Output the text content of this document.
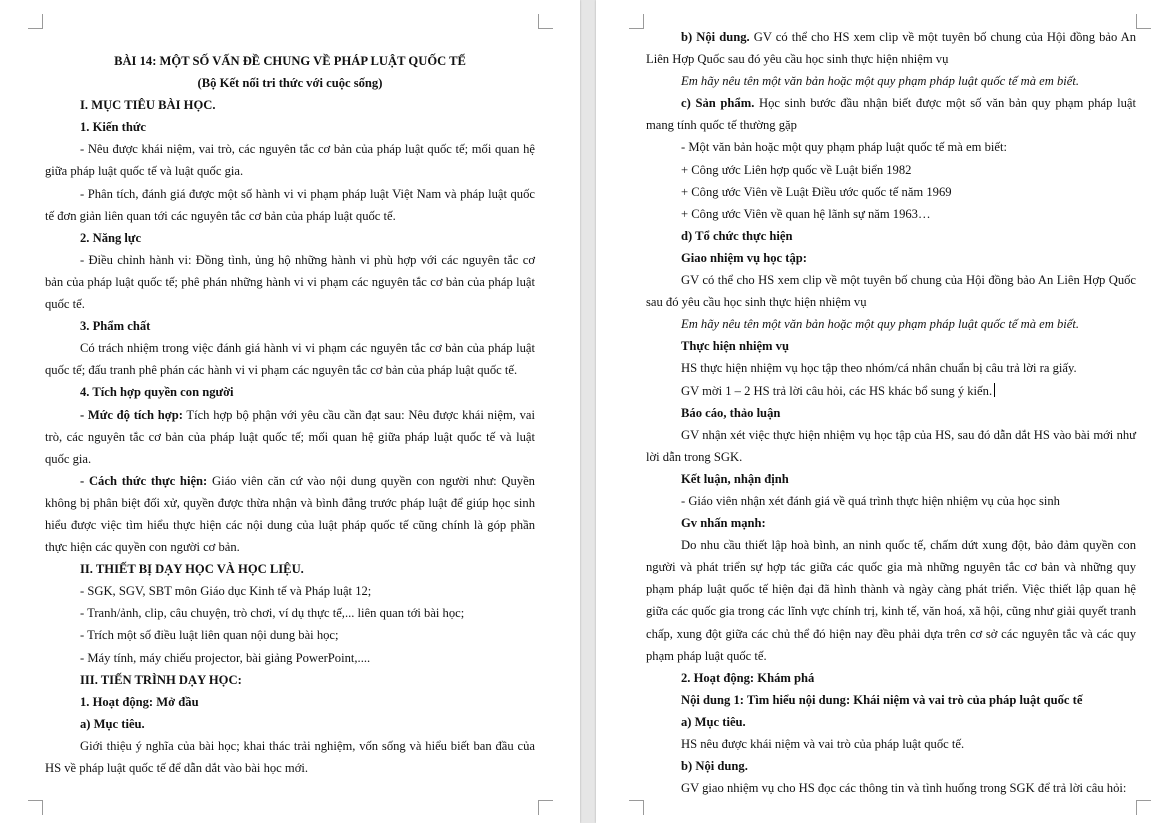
BÀI 14: MỘT SỐ VẤN ĐỀ CHUNG VỀ PHÁP LUẬT QUỐC TẾ

(Bộ Kết nối tri thức với cuộc sống)

I. MỤC TIÊU BÀI HỌC.

1. Kiến thức

- Nêu được khái niệm, vai trò, các nguyên tắc cơ bản của pháp luật quốc tế; mối quan hệ giữa pháp luật quốc tế và luật quốc gia.

- Phân tích, đánh giá được một số hành vi vi phạm pháp luật Việt Nam và pháp luật quốc tế đơn giản liên quan tới các nguyên tắc cơ bản của pháp luật quốc tế.

2. Năng lực

- Điều chỉnh hành vi: Đồng tình, ủng hộ những hành vi phù hợp với các nguyên tắc cơ bản của pháp luật quốc tế; phê phán những hành vi vi phạm các nguyên tắc cơ bản của pháp luật quốc tế.

3. Phẩm chất

Có trách nhiệm trong việc đánh giá hành vi vi phạm các nguyên tắc cơ bản của pháp luật quốc tế; đấu tranh phê phán các hành vi vi phạm các nguyên tắc cơ bản của pháp luật quốc tế.

4. Tích hợp quyền con người

- Mức độ tích hợp: Tích hợp bộ phận với yêu cầu cần đạt sau: Nêu được khái niệm, vai trò, các nguyên tắc cơ bản của pháp luật quốc tế; mối quan hệ giữa pháp luật quốc tế và luật quốc gia.

- Cách thức thực hiện: Giáo viên căn cứ vào nội dung quyền con người như: Quyền không bị phân biệt đối xử, quyền được thừa nhận và bình đẳng trước pháp luật để giúp học sinh hiểu được việc tìm hiểu thực hiện các nội dung của luật pháp quốc tế cũng chính là góp phần thực hiện các quyền con người cơ bản.

II. THIẾT BỊ DẠY HỌC VÀ HỌC LIỆU.

- SGK, SGV, SBT môn Giáo dục Kinh tế và Pháp luật 12;

- Tranh/ảnh, clip, câu chuyện, trò chơi, ví dụ thực tế,... liên quan tới bài học;

- Trích một số điều luật liên quan nội dung bài học;

- Máy tính, máy chiếu projector, bài giảng PowerPoint,....

III. TIẾN TRÌNH DẠY HỌC:

1. Hoạt động: Mở đầu

a) Mục tiêu.

Giới thiệu ý nghĩa của bài học; khai thác trải nghiệm, vốn sống và hiểu biết ban đầu của HS về pháp luật quốc tế để dẫn dắt vào bài học mới.

b) Nội dung. GV có thể cho HS xem clip về một tuyên bố chung của Hội đồng bảo An Liên Hợp Quốc sau đó yêu cầu học sinh thực hiện nhiệm vụ

Em hãy nêu tên một văn bản hoặc một quy phạm pháp luật quốc tế mà em biết.

c) Sản phẩm. Học sinh bước đầu nhận biết được một số văn bản quy phạm pháp luật mang tính quốc tế thường gặp

- Một văn bản hoặc một quy phạm pháp luật quốc tế mà em biết:

+ Công ước Liên hợp quốc về Luật biển 1982

+ Công ước Viên về Luật Điều ước quốc tế năm 1969

+ Công ước Viên về quan hệ lãnh sự năm 1963…

d) Tổ chức thực hiện

Giao nhiệm vụ học tập:

GV có thể cho HS xem clip về một tuyên bố chung của Hội đồng bảo An Liên Hợp Quốc sau đó yêu cầu học sinh thực hiện nhiệm vụ

Em hãy nêu tên một văn bản hoặc một quy phạm pháp luật quốc tế mà em biết.

Thực hiện nhiệm vụ

HS thực hiện nhiệm vụ học tập theo nhóm/cá nhân chuẩn bị câu trả lời ra giấy.

GV mời 1 – 2 HS trả lời câu hỏi, các HS khác bổ sung ý kiến.

Báo cáo, thảo luận

GV nhận xét việc thực hiện nhiệm vụ học tập của HS, sau đó dẫn dắt HS vào bài mới như lời dẫn trong SGK.

Kết luận, nhận định

- Giáo viên nhận xét đánh giá về quá trình thực hiện nhiệm vụ của học sinh

Gv nhấn mạnh:

Do nhu cầu thiết lập hoà bình, an ninh quốc tế, chấm dứt xung đột, bảo đảm quyền con người và phát triển sự hợp tác giữa các quốc gia mà những nguyên tắc cơ bản và những quy phạm pháp luật quốc tế hiện đại đã hình thành và ngày càng phát triển. Việc thiết lập quan hệ giữa các quốc gia trong các lĩnh vực chính trị, kinh tế, văn hoá, xã hội, cũng như giải quyết tranh chấp, xung đột giữa các chủ thể đó hiện nay đều phải dựa trên cơ sở các nguyên tắc và các quy phạm pháp luật quốc tế.

2. Hoạt động: Khám phá

Nội dung 1: Tìm hiểu nội dung: Khái niệm và vai trò của pháp luật quốc tế

a) Mục tiêu.

HS nêu được khái niệm và vai trò của pháp luật quốc tế.

b) Nội dung.

GV giao nhiệm vụ cho HS đọc các thông tin và tình huống trong SGK để trả lời câu hỏi:
